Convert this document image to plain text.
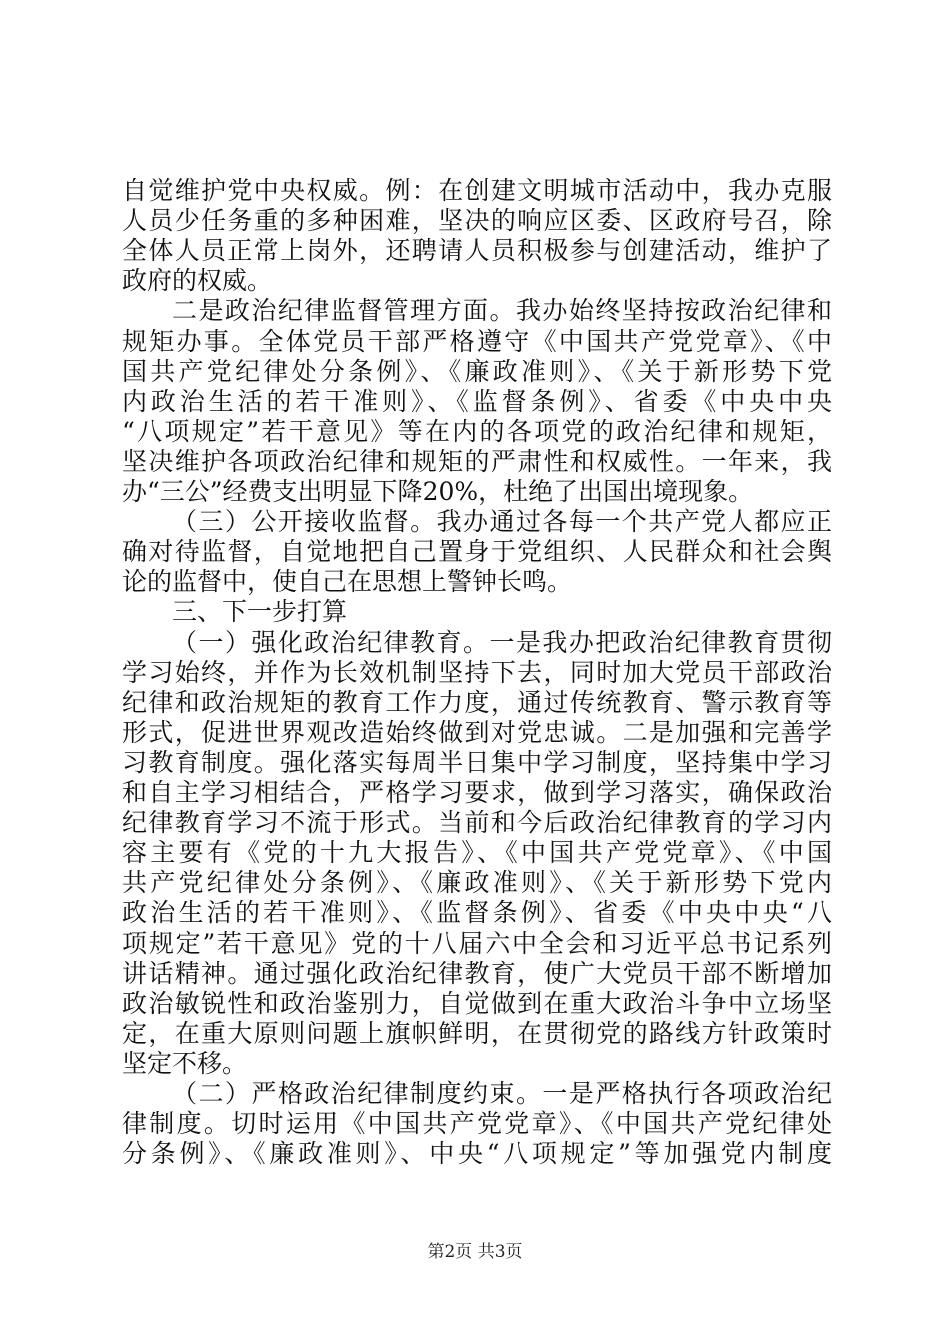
自觉维护党中央权威。例：在创建文明城市活动中，我办克服
人员少任务重的多种困难，坚决的响应区委、区政府号召，除
全体人员正常上岗外，还聘请人员积极参与创建活动，维护了
政府的权威。
二是政治纪律监督管理方面。我办始终坚持按政治纪律和
规矩办事。全体党员干部严格遵守《中国共产党党章》、《中
国共产党纪律处分条例》、《廉政准则》、《关于新形势下党
内政治生活的若干准则》、《监督条例》、省委《中央中央
“八项规定”若干意见》等在内的各项党的政治纪律和规矩，
坚决维护各项政治纪律和规矩的严肃性和权威性。一年来，我
办“三公”经费支出明显下降20%，杜绝了出国出境现象。
（三）公开接收监督。我办通过各每一个共产党人都应正
确对待监督，自觉地把自己置身于党组织、人民群众和社会舆
论的监督中，使自己在思想上警钟长鸣。
三、下一步打算
（一）强化政治纪律教育。一是我办把政治纪律教育贯彻
学习始终，并作为长效机制坚持下去，同时加大党员干部政治
纪律和政治规矩的教育工作力度，通过传统教育、警示教育等
形式，促进世界观改造始终做到对党忠诚。二是加强和完善学
习教育制度。强化落实每周半日集中学习制度，坚持集中学习
和自主学习相结合，严格学习要求，做到学习落实，确保政治
纪律教育学习不流于形式。当前和今后政治纪律教育的学习内
容主要有《党的十九大报告》、《中国共产党党章》、《中国
共产党纪律处分条例》、《廉政准则》、《关于新形势下党内
政治生活的若干准则》、《监督条例》、省委《中央中央“八
项规定”若干意见》党的十八届六中全会和习近平总书记系列
讲话精神。通过强化政治纪律教育，使广大党员干部不断增加
政治敏锐性和政治鉴别力，自觉做到在重大政治斗争中立场坚
定，在重大原则问题上旗帜鲜明，在贯彻党的路线方针政策时
坚定不移。
（二）严格政治纪律制度约束。一是严格执行各项政治纪
律制度。切时运用《中国共产党党章》、《中国共产党纪律处
分条例》、《廉政准则》、中央“八项规定”等加强党内制度
第2页 共3页
